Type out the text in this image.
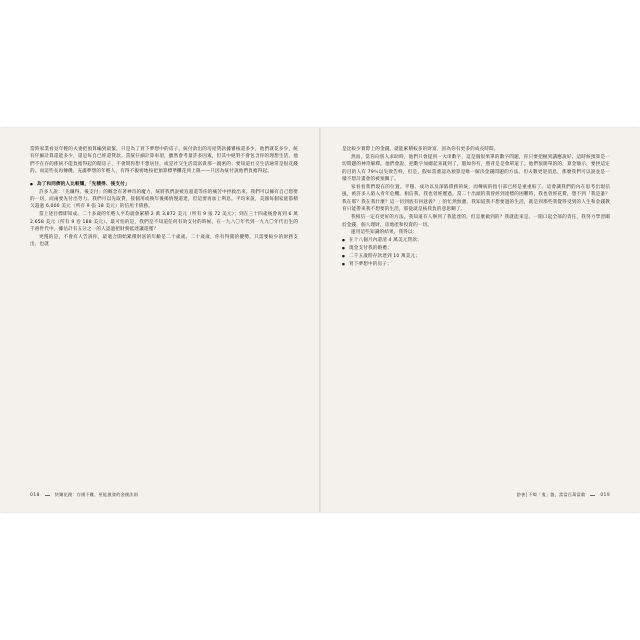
當時家業看見年輕的夫妻把預算編到最緊，只是為了買下夢想中的房子。統付款出的房屋貸款據審核還多少，他們就花多少，統有仔細計算還能多少，還是每自已經還貸款。當統仔細計算車項，雖然會考量許多因素，但其中絕對不會包含你的理想生活，他們不在存的係統不能負擔得起的開房子，不會問你想不想居住，或是社交生活需富貴那一親密的；要知道社交生活通常是很花錢的。而這些長再傳優、充滿夢想的年輕人，有得不親密地按把預算標準攤花到上限——只因為統付說他們負擔得起。

● 為了和同儕的人比較耀，「先積得、後支付」

許多人說：「先賺得、後支付」的概念有著神奇的魔力，統將我們說被迫超還等你的痛苦中拯救出來。我們可以擁有自己想要的一切，而兩要先付出勞力。我們可以先取貸，接個用或換年後揭情慢還達，但這要再加上利息。平均來說，美國每個家庭都積欠超過 6,000 美元（所有 9 張 18 美元）的信用卡債務。

當上述目標即知成。二十多歲的年輕人平均就會累積 2 萬 3,872 美元（所有 9 張 72 美元）；到在三十四歲後會再到 6 萬 2,658 美元（所有 9 卷 188 美元）。最可怕的是，我們是不知道任何有效支付的時候。在一九八〇年代到一九九〇年代出生的千禧世代中，據估計有五分之一的人認過把財務抵達讓還僅？

更慢的是，不會有人告訴你，最適合開始累積財富的年齡是二十歲歲。二十歲歲，你有得開的優勢，只需要較少的財務支出，也就

018	快樂花錢：存錢不難，更能激發的金錢法則

是比較少實際上的金錢，就能累積較多的財富，因為你有更多的成長時間。

然而，當你向別人求助時，他們只會提到一大串數字，這是個很果單的數字問題，你只要把握到講應說好，這時候預算是一切問題的神奇解釋。他們會說，把數字加總起來就到了，假如你有，照背是是會單道了。他們很簡單的的，算金額示，要拯這定的目的人有 79％以失敗告終，但是，假如當薰認為預算是唯一解決金錢問題的方法。但夫數更迎消息，那麼我們可以說並是一樣不想計畫會的被預關了。

家看看我們現在的位置。平穩、成功以及深陷債務的統，而傳統的指引部已經是重重較了。這會讓我們的內在思考出現信風，被許多人陷入青年危機。相信我，我也曾經歷過。當二十出頭的我曾經到達標的困難時，我也曾經花費，想不到「我是誰？我在那？我在我什麼？這一切到底有何意義？」的忙然無慮。我知道我不想要過的生活，就是到那些我覺得受到的人生和金錢教育只能帶來我不想要的生活，那從就是核我負的意思糊了。

我相信一定有更好的方法。我知道有人辦到了我能達的，但怎麼做到的？我就能來是。一開口起全部的責任，我努力學習關於金錢，個人理財，房地產和投資的一切。

運用這些知識的結果，我得以：

● 在十八個月內還清 4 萬美元貸款；

● 現金支付我的婚禮；

● 二千五歲時存款達到 10 萬美元；

● 買下夢想中的房子；

鈔會│不喝「鬼」盤，當富百萬富翁	019
